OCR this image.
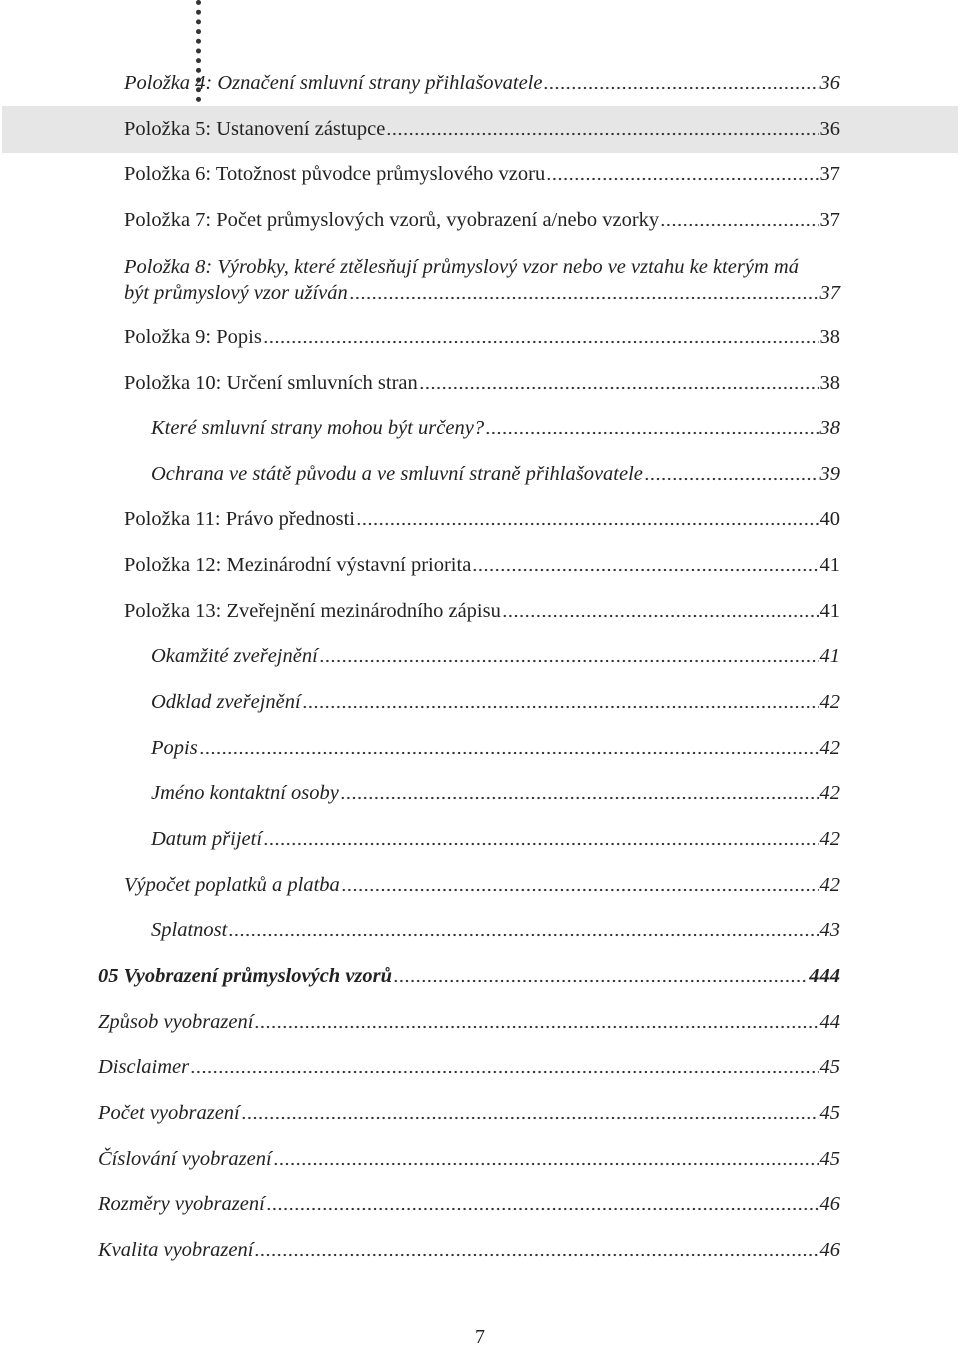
Položka 4: Označení smluvní strany přihlašovatele	36
Položka 5: Ustanovení zástupce	36
Položka 6: Totožnost původce průmyslového vzoru	37
Položka 7: Počet průmyslových vzorů, vyobrazení a/nebo vzorky	37
Položka 8: Výrobky, které ztělesňují průmyslový vzor nebo ve vztahu ke kterým má
být průmyslový vzor užíván	37
Položka 9: Popis	38
Položka 10: Určení smluvních stran	38
Které smluvní strany mohou být určeny?	38
Ochrana ve státě původu a ve smluvní straně přihlašovatele	39
Položka 11: Právo přednosti	40
Položka 12: Mezinárodní výstavní priorita	41
Položka 13: Zveřejnění mezinárodního zápisu	41
Okamžité zveřejnění	41
Odklad zveřejnění	42
Popis	42
Jméno kontaktní osoby	42
Datum přijetí	42
Výpočet poplatků a platba	42
Splatnost	43
05 Vyobrazení průmyslových vzorů	444
Způsob vyobrazení	44
Disclaimer	45
Počet vyobrazení	45
Číslování vyobrazení	45
Rozměry vyobrazení	46
Kvalita vyobrazení	46
7
